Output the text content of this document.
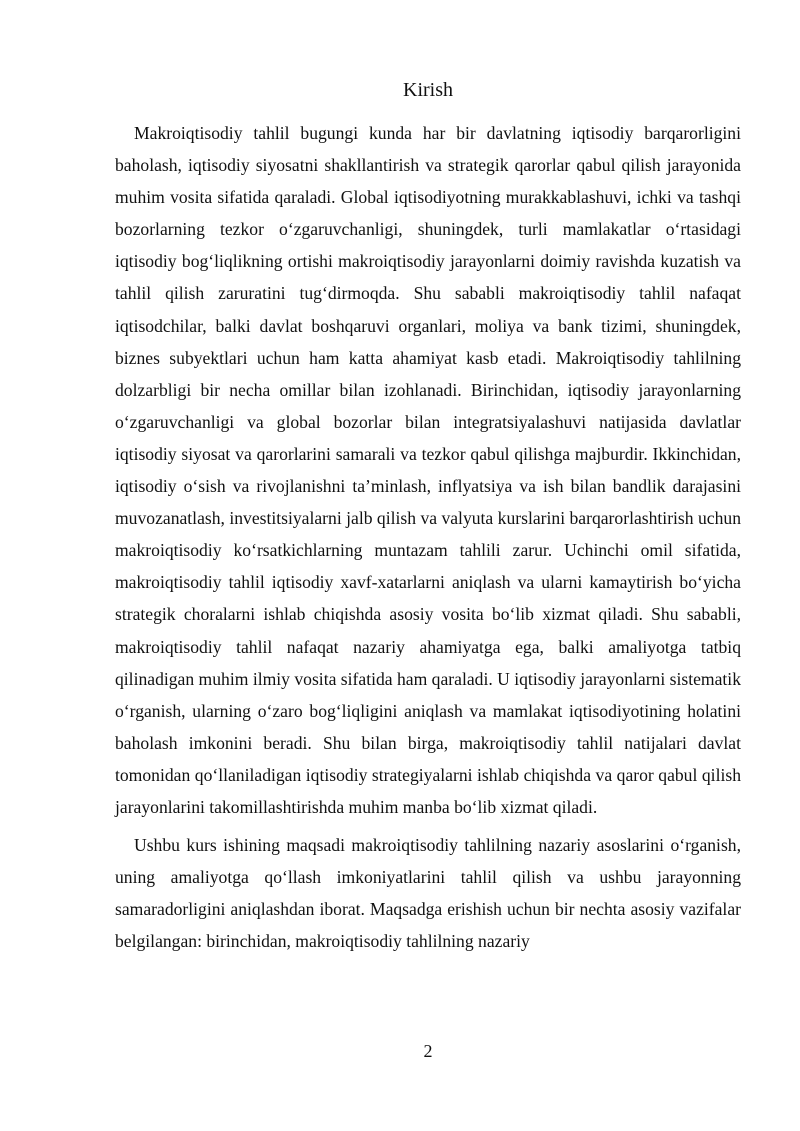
Kirish

Makroiqtisodiy tahlil bugungi kunda har bir davlatning iqtisodiy barqarorligini baholash, iqtisodiy siyosatni shakllantirish va strategik qarorlar qabul qilish jarayonida muhim vosita sifatida qaraladi. Global iqtisodiyotning murakkablashuvi, ichki va tashqi bozorlarning tezkor o‘zgaruvchanligi, shuningdek, turli mamlakatlar o‘rtasidagi iqtisodiy bog‘liqlikning ortishi makroiqtisodiy jarayonlarni doimiy ravishda kuzatish va tahlil qilish zaruratini tug‘dirmoqda. Shu sababli makroiqtisodiy tahlil nafaqat iqtisodchilar, balki davlat boshqaruvi organlari, moliya va bank tizimi, shuningdek, biznes subyektlari uchun ham katta ahamiyat kasb etadi. Makroiqtisodiy tahlilning dolzarbligi bir necha omillar bilan izohlanadi. Birinchidan, iqtisodiy jarayonlarning o‘zgaruvchanligi va global bozorlar bilan integratsiyalashuvi natijasida davlatlar iqtisodiy siyosat va qarorlarini samarali va tezkor qabul qilishga majburdir. Ikkinchidan, iqtisodiy o‘sish va rivojlanishni ta’minlash, inflyatsiya va ish bilan bandlik darajasini muvozanatlash, investitsiyalarni jalb qilish va valyuta kurslarini barqarorlashtirish uchun makroiqtisodiy ko‘rsatkichlarning muntazam tahlili zarur. Uchinchi omil sifatida, makroiqtisodiy tahlil iqtisodiy xavf-xatarlarni aniqlash va ularni kamaytirish bo‘yicha strategik choralarni ishlab chiqishda asosiy vosita bo‘lib xizmat qiladi. Shu sababli, makroiqtisodiy tahlil nafaqat nazariy ahamiyatga ega, balki amaliyotga tatbiq qilinadigan muhim ilmiy vosita sifatida ham qaraladi. U iqtisodiy jarayonlarni sistematik o‘rganish, ularning o‘zaro bog‘liqligini aniqlash va mamlakat iqtisodiyotining holatini baholash imkonini beradi. Shu bilan birga, makroiqtisodiy tahlil natijalari davlat tomonidan qo‘llaniladigan iqtisodiy strategiyalarni ishlab chiqishda va qaror qabul qilish jarayonlarini takomillashtirishda muhim manba bo‘lib xizmat qiladi.

Ushbu kurs ishining maqsadi makroiqtisodiy tahlilning nazariy asoslarini o‘rganish, uning amaliyotga qo‘llash imkoniyatlarini tahlil qilish va ushbu jarayonning samaradorligini aniqlashdan iborat. Maqsadga erishish uchun bir nechta asosiy vazifalar belgilangan: birinchidan, makroiqtisodiy tahlilning nazariy

2
